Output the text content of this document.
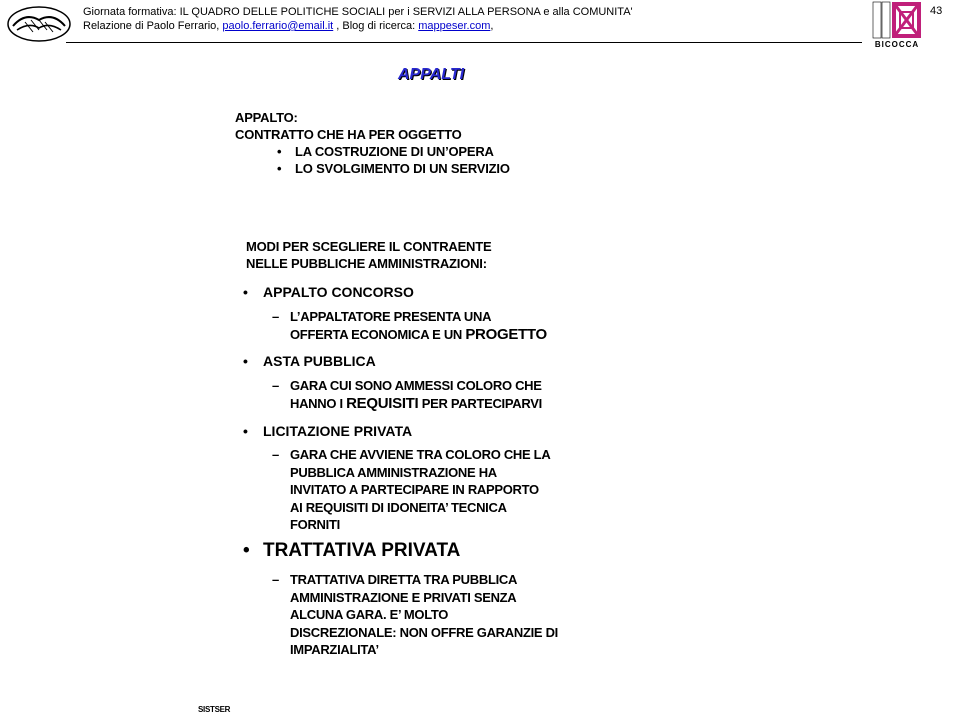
Giornata formativa: IL QUADRO DELLE POLITICHE SOCIALI per i SERVIZI ALLA PERSONA e alla COMUNITA'
Relazione di Paolo Ferrario, paolo.ferrario@email.it , Blog di ricerca: mappeser.com,
BICOCCA
43
APPALTI
APPALTO:
CONTRATTO CHE HA PER OGGETTO
• LA COSTRUZIONE DI UN’OPERA
• LO SVOLGIMENTO DI UN SERVIZIO
MODI PER SCEGLIERE IL CONTRAENTE
NELLE PUBBLICHE AMMINISTRAZIONI:
• APPALTO CONCORSO
– L’APPALTATORE PRESENTA UNA
OFFERTA ECONOMICA E UN PROGETTO
• ASTA PUBBLICA
– GARA CUI SONO AMMESSI COLORO CHE
HANNO I REQUISITI PER PARTECIPARVI
• LICITAZIONE PRIVATA
– GARA CHE AVVIENE TRA COLORO CHE LA
PUBBLICA AMMINISTRAZIONE HA
INVITATO A PARTECIPARE IN RAPPORTO
AI REQUISITI DI IDONEITA’ TECNICA
FORNITI
• TRATTATIVA PRIVATA
– TRATTATIVA DIRETTA TRA PUBBLICA
AMMINISTRAZIONE E PRIVATI SENZA
ALCUNA GARA. E’ MOLTO
DISCREZIONALE: NON OFFRE GARANZIE DI
IMPARZIALITA’
SISTSER
